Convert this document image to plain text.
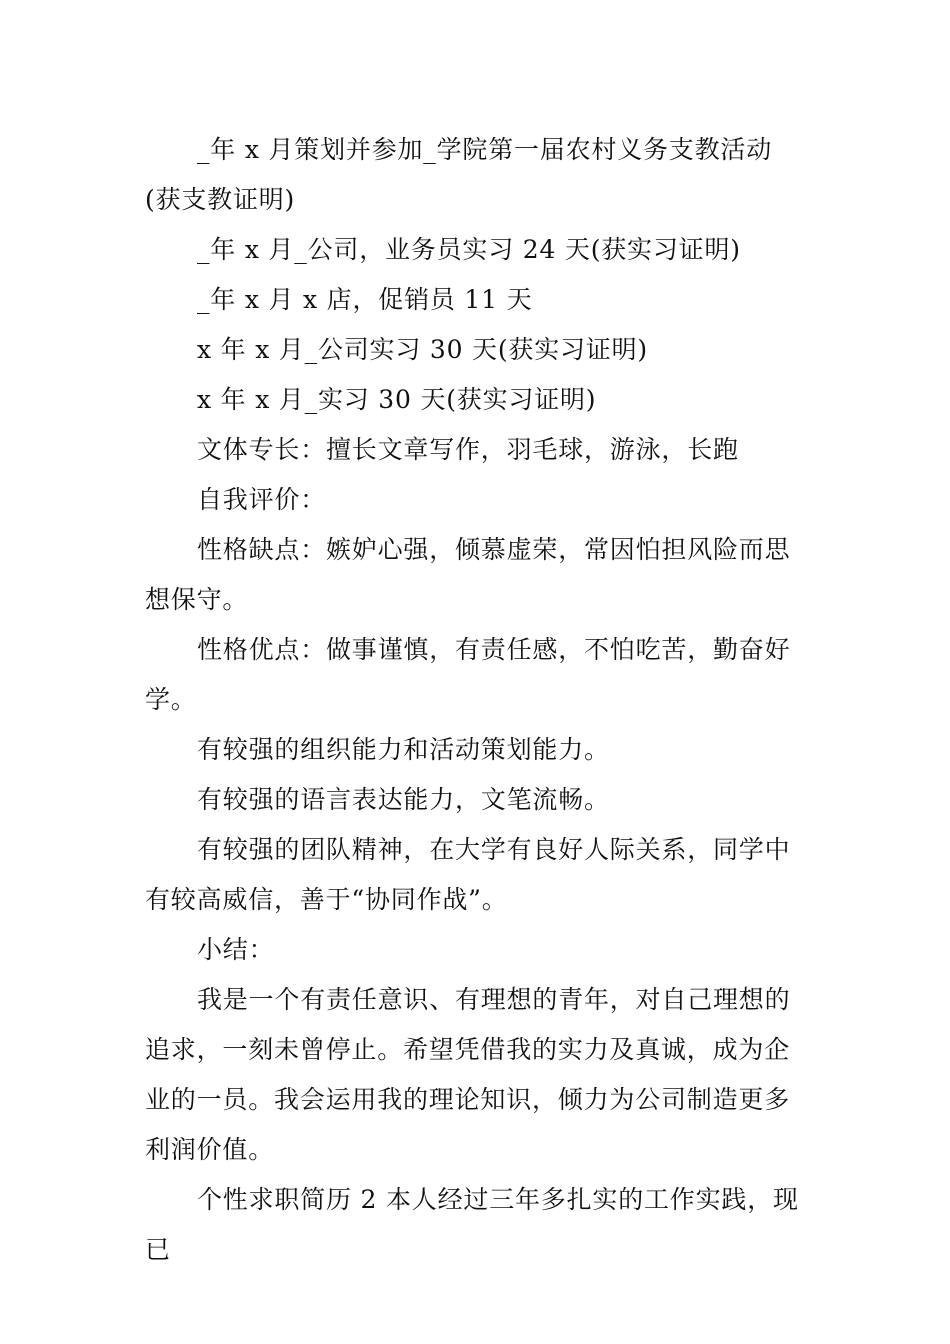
_年 x 月策划并参加_学院第一届农村义务支教活动(获支教证明)

_年 x 月_公司，业务员实习 24 天(获实习证明)

_年 x 月 x 店，促销员 11 天

x 年 x 月_公司实习 30 天(获实习证明)

x 年 x 月_实习 30 天(获实习证明)

文体专长：擅长文章写作，羽毛球，游泳，长跑

自我评价：

性格缺点：嫉妒心强，倾慕虚荣，常因怕担风险而思想保守。

性格优点：做事谨慎，有责任感，不怕吃苦，勤奋好学。

有较强的组织能力和活动策划能力。

有较强的语言表达能力，文笔流畅。

有较强的团队精神，在大学有良好人际关系，同学中有较高威信，善于“协同作战”。

小结：

我是一个有责任意识、有理想的青年，对自己理想的追求，一刻未曾停止。希望凭借我的实力及真诚，成为企业的一员。我会运用我的理论知识，倾力为公司制造更多利润价值。

个性求职简历 2 本人经过三年多扎实的工作实践，现已
